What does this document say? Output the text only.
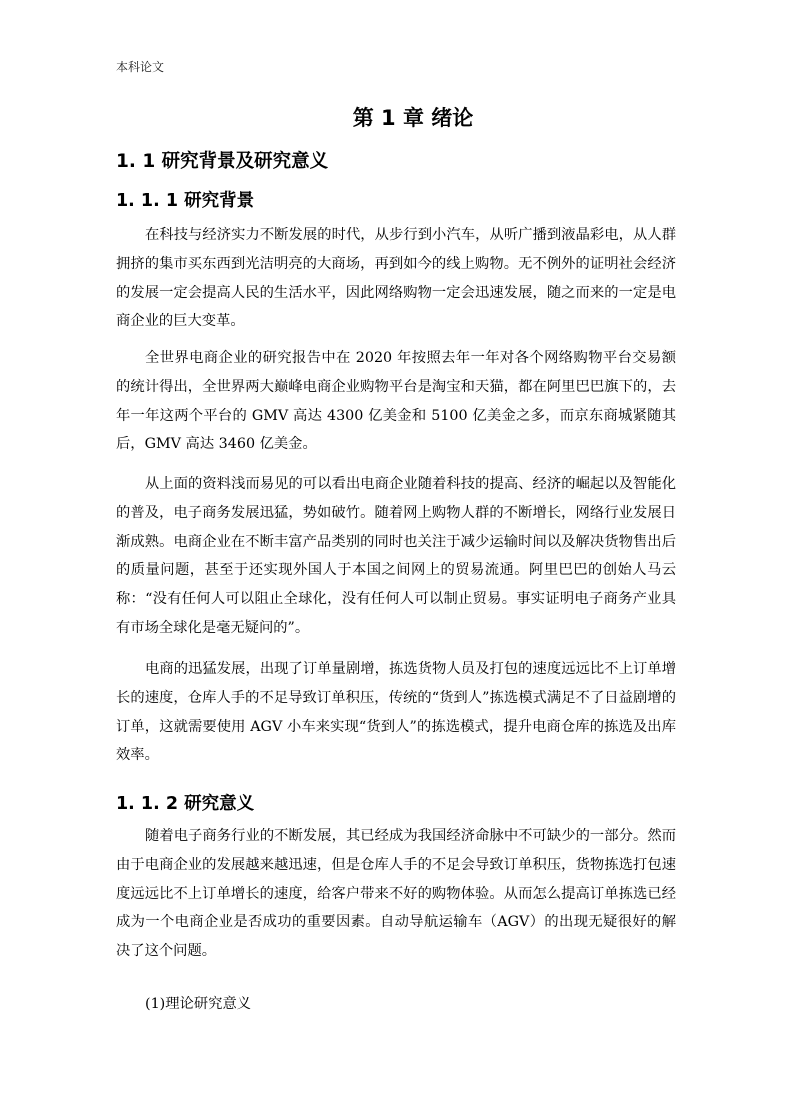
本科论文
第 1 章 绪论
1. 1 研究背景及研究意义
1. 1. 1 研究背景

在科技与经济实力不断发展的时代，从步行到小汽车，从听广播到液晶彩电，从人群拥挤的集市买东西到光洁明亮的大商场，再到如今的线上购物。无不例外的证明社会经济的发展一定会提高人民的生活水平，因此网络购物一定会迅速发展，随之而来的一定是电商企业的巨大变革。

全世界电商企业的研究报告中在 2020 年按照去年一年对各个网络购物平台交易额的统计得出，全世界两大巅峰电商企业购物平台是淘宝和天猫，都在阿里巴巴旗下的，去年一年这两个平台的 GMV 高达 4300 亿美金和 5100 亿美金之多，而京东商城紧随其后，GMV 高达 3460 亿美金。

从上面的资料浅而易见的可以看出电商企业随着科技的提高、经济的崛起以及智能化的普及，电子商务发展迅猛，势如破竹。随着网上购物人群的不断增长，网络行业发展日渐成熟。电商企业在不断丰富产品类别的同时也关注于减少运输时间以及解决货物售出后的质量问题，甚至于还实现外国人于本国之间网上的贸易流通。阿里巴巴的创始人马云称：“没有任何人可以阻止全球化，没有任何人可以制止贸易。事实证明电子商务产业具有市场全球化是毫无疑问的”。

电商的迅猛发展，出现了订单量剧增，拣选货物人员及打包的速度远远比不上订单增长的速度，仓库人手的不足导致订单积压，传统的“货到人”拣选模式满足不了日益剧增的订单，这就需要使用 AGV 小车来实现“货到人”的拣选模式，提升电商仓库的拣选及出库效率。

1. 1. 2 研究意义

随着电子商务行业的不断发展，其已经成为我国经济命脉中不可缺少的一部分。然而由于电商企业的发展越来越迅速，但是仓库人手的不足会导致订单积压，货物拣选打包速度远远比不上订单增长的速度，给客户带来不好的购物体验。从而怎么提高订单拣选已经成为一个电商企业是否成功的重要因素。自动导航运输车（AGV）的出现无疑很好的解决了这个问题。

(1)理论研究意义
